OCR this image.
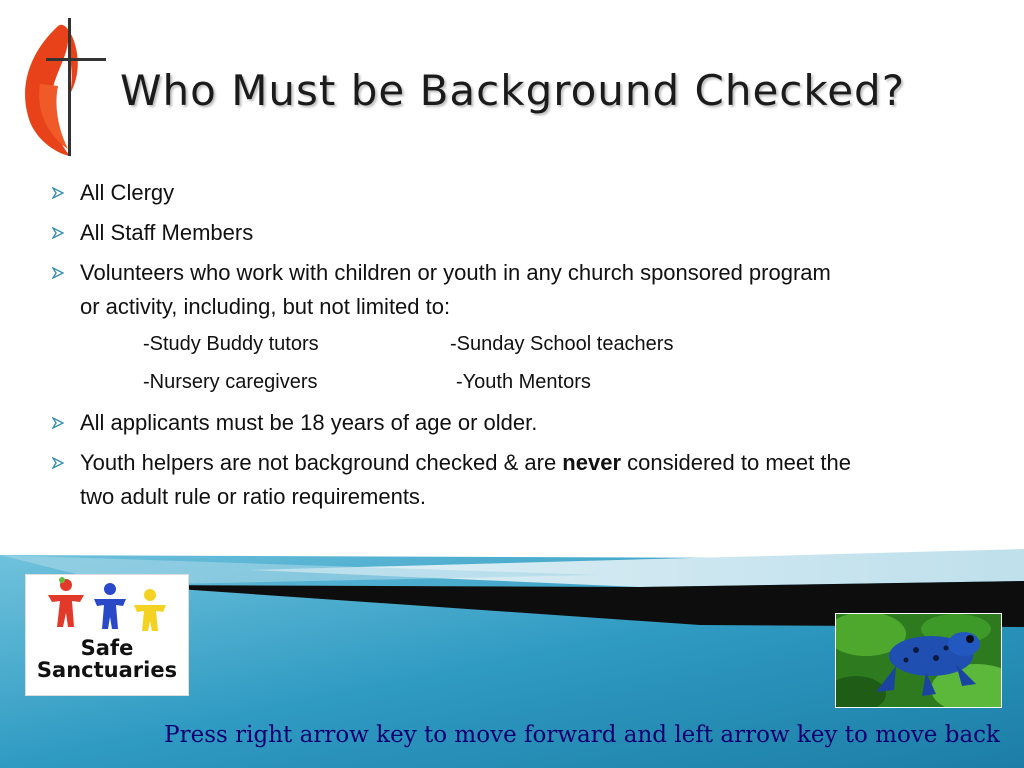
Who Must be Background Checked?
All Clergy
All Staff Members
Volunteers who work with children or youth in any church sponsored program
or activity, including, but not limited to:
-Study Buddy tutors	-Sunday School teachers
-Nursery caregivers	-Youth Mentors
All applicants must be 18 years of age or older.
Youth helpers are not background checked & are never considered to meet the
two adult rule or ratio requirements.
Safe
Sanctuaries
Press right arrow key to move forward and left arrow key to move back
